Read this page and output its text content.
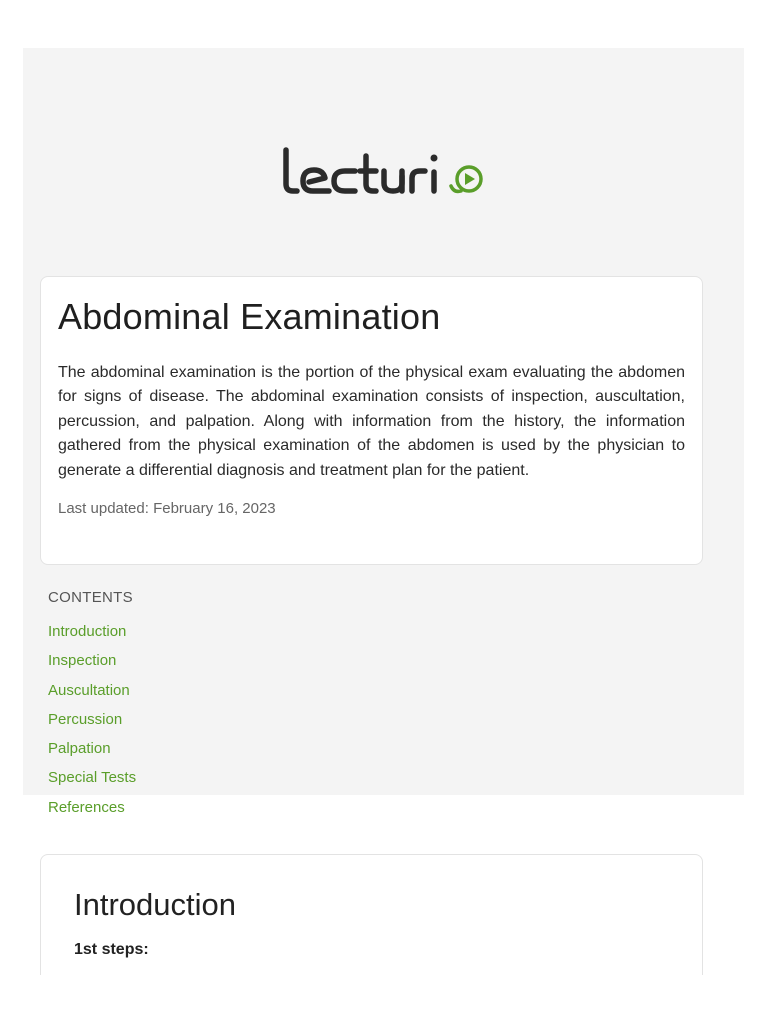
Abdominal Examination

The abdominal examination is the portion of the physical exam evaluating the abdomen for signs of disease. The abdominal examination consists of inspection, auscultation, percussion, and palpation. Along with information from the history, the information gathered from the physical examination of the abdomen is used by the physician to generate a differential diagnosis and treatment plan for the patient.

Last updated: February 16, 2023
CONTENTS
Introduction
Inspection
Auscultation
Percussion
Palpation
Special Tests
References
Introduction
1st steps:
